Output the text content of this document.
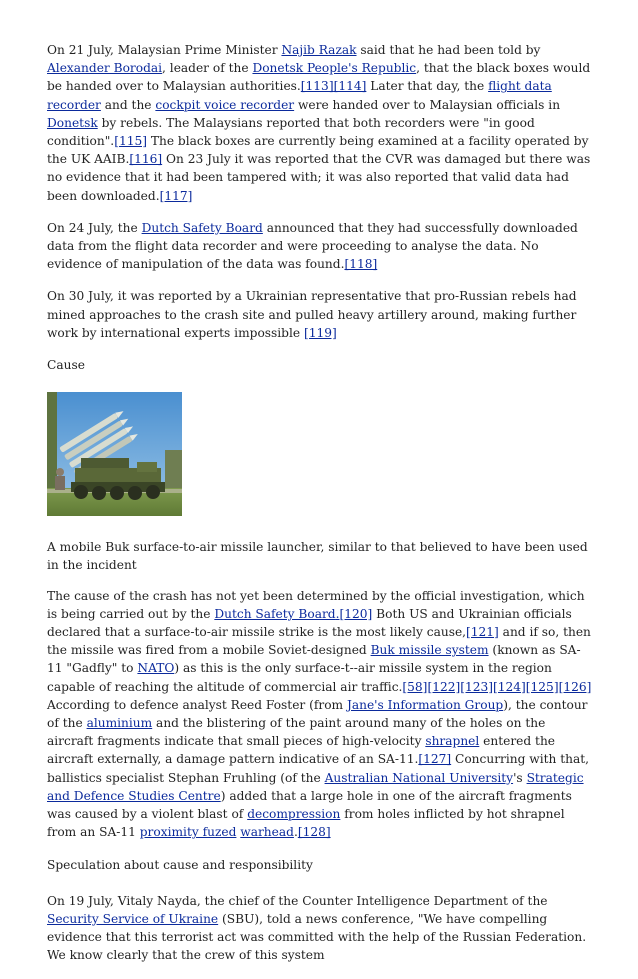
On 21 July, Malaysian Prime Minister Najib Razak said that he had been told by Alexander Borodai, leader of the Donetsk People's Republic, that the black boxes would be handed over to Malaysian authorities.[113][114] Later that day, the flight data recorder and the cockpit voice recorder were handed over to Malaysian officials in Donetsk by rebels. The Malaysians reported that both recorders were "in good condition".[115] The black boxes are currently being examined at a facility operated by the UK AAIB.[116] On 23 July it was reported that the CVR was damaged but there was no evidence that it had been tampered with; it was also reported that valid data had been downloaded.[117]

On 24 July, the Dutch Safety Board announced that they had successfully downloaded data from the flight data recorder and were proceeding to analyse the data. No evidence of manipulation of the data was found.[118]

On 30 July, it was reported by a Ukrainian representative that pro-Russian rebels had mined approaches to the crash site and pulled heavy artillery around, making further work by international experts impossible [119]

Cause

A mobile Buk surface-to-air missile launcher, similar to that believed to have been used in the incident

The cause of the crash has not yet been determined by the official investigation, which is being carried out by the Dutch Safety Board.[120] Both US and Ukrainian officials declared that a surface-to-air missile strike is the most likely cause,[121] and if so, then the missile was fired from a mobile Soviet-designed Buk missile system (known as SA-11 "Gadfly" to NATO) as this is the only surface-t--air missile system in the region capable of reaching the altitude of commercial air traffic.[58][122][123][124][125][126] According to defence analyst Reed Foster (from Jane's Information Group), the contour of the aluminium and the blistering of the paint around many of the holes on the aircraft fragments indicate that small pieces of high-velocity shrapnel entered the aircraft externally, a damage pattern indicative of an SA-11.[127] Concurring with that, ballistics specialist Stephan Fruhling (of the Australian National University's Strategic and Defence Studies Centre) added that a large hole in one of the aircraft fragments was caused by a violent blast of decompression from holes inflicted by hot shrapnel from an SA-11 proximity fuzed warhead.[128]

Speculation about cause and responsibility

On 19 July, Vitaly Nayda, the chief of the Counter Intelligence Department of the Security Service of Ukraine (SBU), told a news conference, "We have compelling evidence that this terrorist act was committed with the help of the Russian Federation. We know clearly that the crew of this system
